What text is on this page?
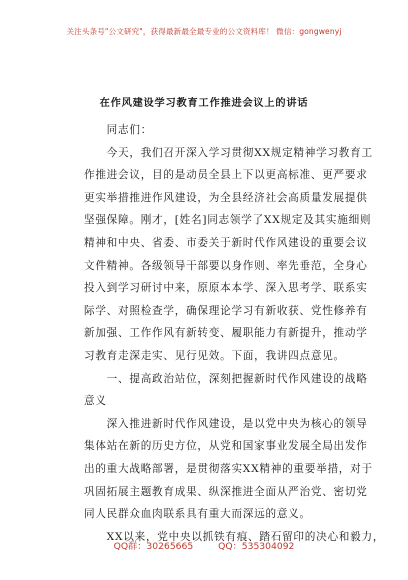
关注头条号"公文研究"，获得最新最全最专业的公文资料库！ 微信：gongwenyj
在作风建设学习教育工作推进会议上的讲话
　　同志们：
　　今天，我们召开深入学习贯彻XX规定精神学习教育工
作推进会议，目的是动员全县上下以更高标准、更严要求
更实举措推进作风建设，为全县经济社会高质量发展提供
坚强保障。刚才，[姓名]同志领学了XX规定及其实施细则
精神和中央、省委、市委关于新时代作风建设的重要会议
文件精神。各级领导干部要以身作则、率先垂范，全身心
投入到学习研讨中来，原原本本学、深入思考学、联系实
际学、对照检查学，确保理论学习有新收获、党性修养有
新加强、工作作风有新转变、履职能力有新提升，推动学
习教育走深走实、见行见效。下面，我讲四点意见。
　　一、提高政治站位，深刻把握新时代作风建设的战略
意义
　　深入推进新时代作风建设，是以党中央为核心的领导
集体站在新的历史方位，从党和国家事业发展全局出发作
出的重大战略部署，是贯彻落实XX精神的重要举措，对于
巩固拓展主题教育成果、纵深推进全面从严治党、密切党
同人民群众血肉联系具有重大而深远的意义。
　　XX以来，党中央以抓铁有痕、踏石留印的决心和毅力，
QQ群：30265665	QQ：535304092
